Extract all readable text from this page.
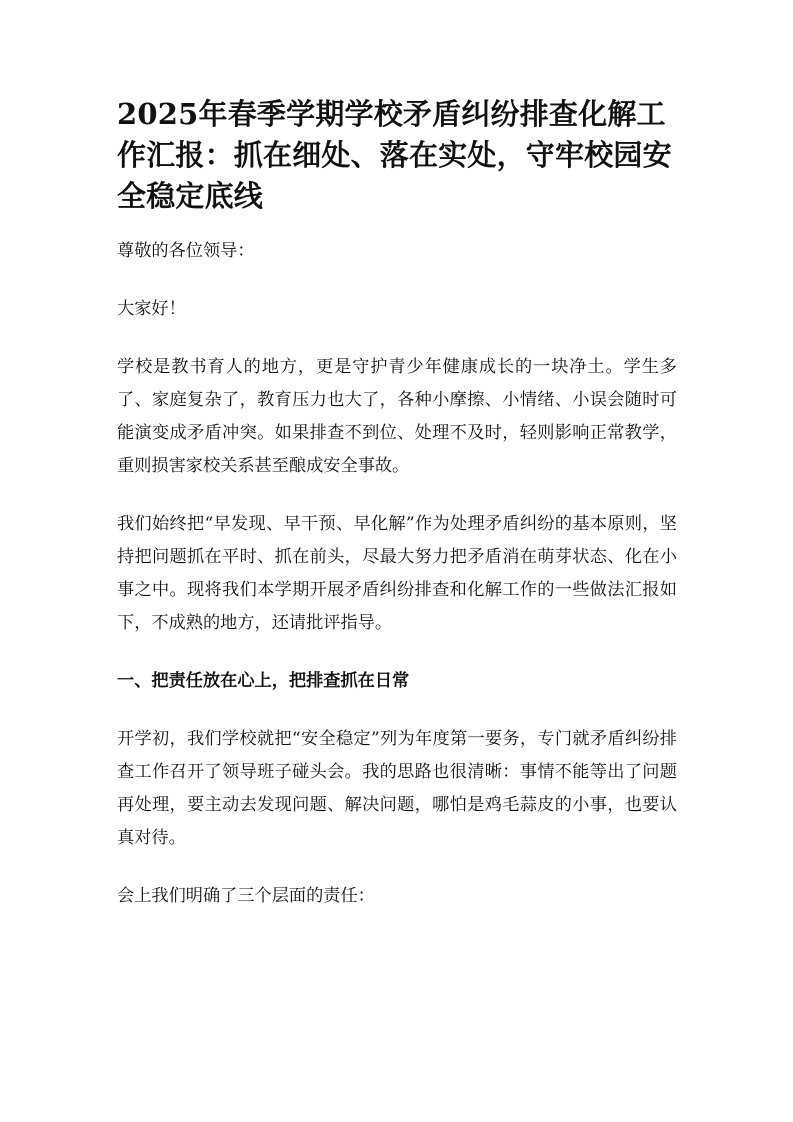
2025年春季学期学校矛盾纠纷排查化解工作汇报：抓在细处、落在实处，守牢校园安全稳定底线

尊敬的各位领导：

大家好！

学校是教书育人的地方，更是守护青少年健康成长的一块净土。学生多了、家庭复杂了，教育压力也大了，各种小摩擦、小情绪、小误会随时可能演变成矛盾冲突。如果排查不到位、处理不及时，轻则影响正常教学，重则损害家校关系甚至酿成安全事故。

我们始终把“早发现、早干预、早化解”作为处理矛盾纠纷的基本原则，坚持把问题抓在平时、抓在前头，尽最大努力把矛盾消在萌芽状态、化在小事之中。现将我们本学期开展矛盾纠纷排查和化解工作的一些做法汇报如下，不成熟的地方，还请批评指导。

一、把责任放在心上，把排查抓在日常

开学初，我们学校就把“安全稳定”列为年度第一要务，专门就矛盾纠纷排查工作召开了领导班子碰头会。我的思路也很清晰：事情不能等出了问题再处理，要主动去发现问题、解决问题，哪怕是鸡毛蒜皮的小事，也要认真对待。

会上我们明确了三个层面的责任：
